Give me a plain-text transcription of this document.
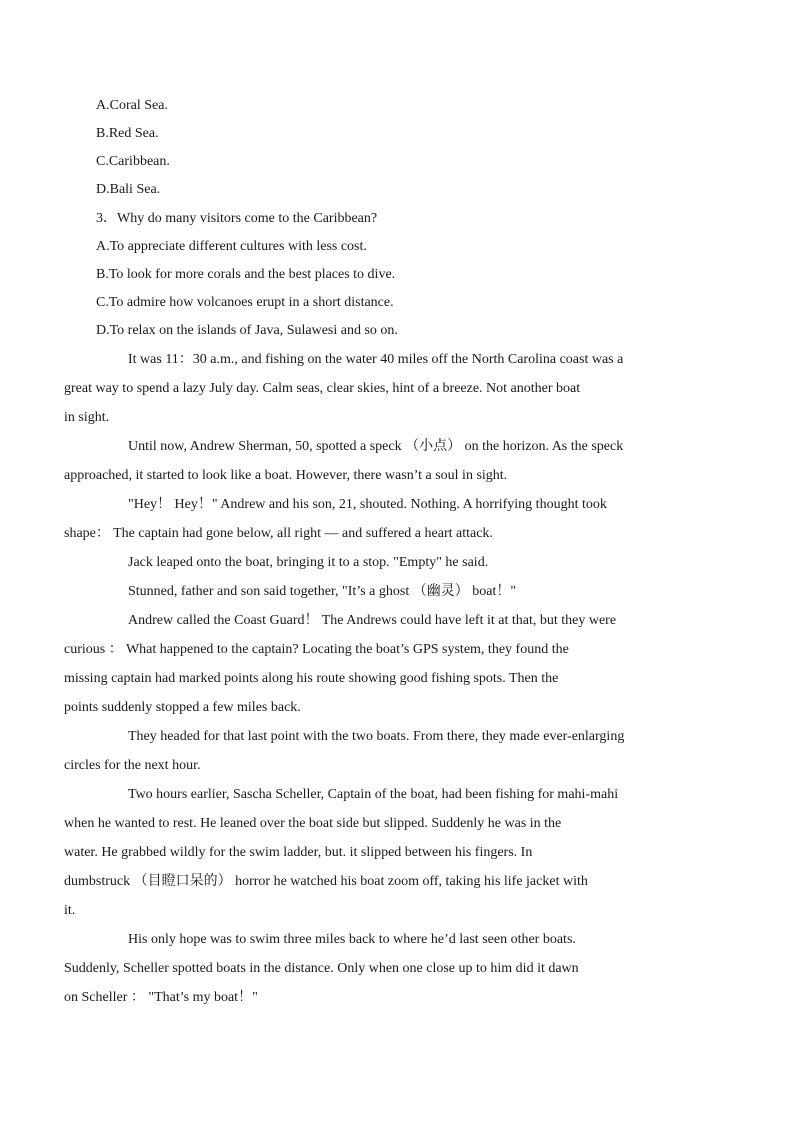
A.Coral Sea.

B.Red Sea.

C.Caribbean.

D.Bali Sea.

3．Why do many visitors come to the Caribbean?

A.To appreciate different cultures with less cost.

B.To look for more corals and the best places to dive.

C.To admire how volcanoes erupt in a short distance.

D.To relax on the islands of Java, Sulawesi and so on.

It was 11：30 a.m., and fishing on the water 40 miles off the North Carolina coast was a
great way to spend a lazy July day. Calm seas, clear skies, hint of a breeze. Not another boat
in sight.

Until now, Andrew Sherman, 50, spotted a speck （小点） on the horizon. As the speck
approached, it started to look like a boat. However, there wasn’t a soul in sight.

"Hey！ Hey！" Andrew and his son, 21, shouted. Nothing. A horrifying thought took
shape： The captain had gone below, all right — and suffered a heart attack.

Jack leaped onto the boat, bringing it to a stop. "Empty" he said.

Stunned, father and son said together, "It’s a ghost （幽灵） boat！"

Andrew called the Coast Guard！ The Andrews could have left it at that, but they were
curious ： What happened to the captain? Locating the boat’s GPS system, they found the
missing captain had marked points along his route showing good fishing spots. Then the
points suddenly stopped a few miles back.

They headed for that last point with the two boats. From there, they made ever-enlarging
circles for the next hour.

Two hours earlier, Sascha Scheller, Captain of the boat, had been fishing for mahi-mahi
when he wanted to rest. He leaned over the boat side but slipped. Suddenly he was in the
water. He grabbed wildly for the swim ladder, but. it slipped between his fingers. In
dumbstruck （目瞪口呆的） horror he watched his boat zoom off, taking his life jacket with
it.

His only hope was to swim three miles back to where he’d last seen other boats.
Suddenly, Scheller spotted boats in the distance. Only when one close up to him did it dawn
on Scheller ： "That’s my boat！"
